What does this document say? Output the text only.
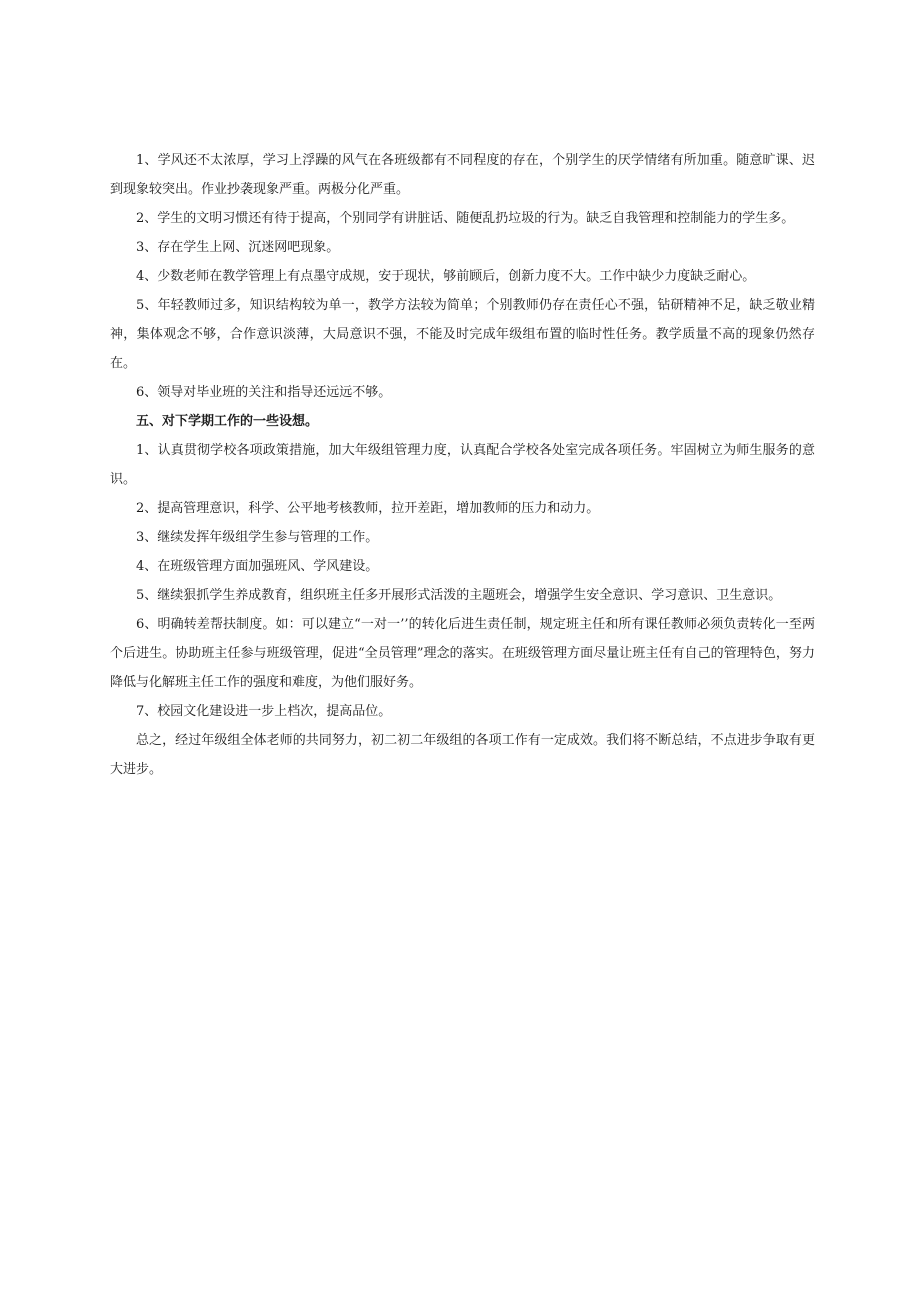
1、学风还不太浓厚，学习上浮躁的风气在各班级都有不同程度的存在，个别学生的厌学情绪有所加重。随意旷课、迟到现象较突出。作业抄袭现象严重。两极分化严重。

2、学生的文明习惯还有待于提高，个别同学有讲脏话、随便乱扔垃圾的行为。缺乏自我管理和控制能力的学生多。

3、存在学生上网、沉迷网吧现象。

4、少数老师在教学管理上有点墨守成规，安于现状，够前顾后，创新力度不大。工作中缺少力度缺乏耐心。

5、年轻教师过多，知识结构较为单一，教学方法较为简单；个别教师仍存在责任心不强，钻研精神不足，缺乏敬业精神，集体观念不够，合作意识淡薄，大局意识不强，不能及时完成年级组布置的临时性任务。教学质量不高的现象仍然存在。

6、领导对毕业班的关注和指导还远远不够。

五、对下学期工作的一些设想。

1、认真贯彻学校各项政策措施，加大年级组管理力度，认真配合学校各处室完成各项任务。牢固树立为师生服务的意识。

2、提高管理意识，科学、公平地考核教师，拉开差距，增加教师的压力和动力。

3、继续发挥年级组学生参与管理的工作。

4、在班级管理方面加强班风、学风建设。

5、继续狠抓学生养成教育，组织班主任多开展形式活泼的主题班会，增强学生安全意识、学习意识、卫生意识。

6、明确转差帮扶制度。如：可以建立“一对一’’的转化后进生责任制，规定班主任和所有课任教师必须负责转化一至两个后进生。协助班主任参与班级管理，促进“全员管理”理念的落实。在班级管理方面尽量让班主任有自己的管理特色，努力降低与化解班主任工作的强度和难度，为他们服好务。

7、校园文化建设进一步上档次，提高品位。

总之，经过年级组全体老师的共同努力，初二初二年级组的各项工作有一定成效。我们将不断总结，不点进步争取有更大进步。
